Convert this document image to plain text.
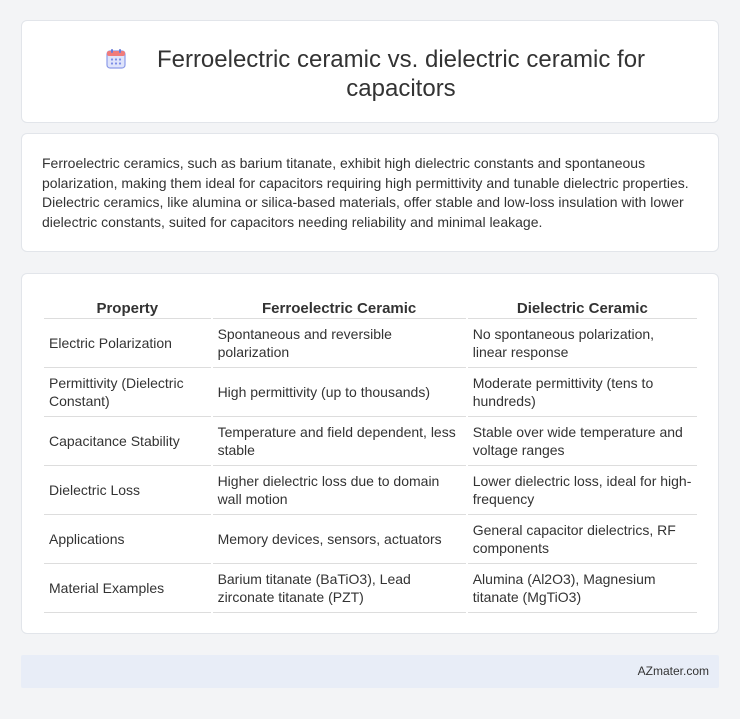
Ferroelectric ceramic vs. dielectric ceramic for capacitors

Ferroelectric ceramics, such as barium titanate, exhibit high dielectric constants and spontaneous polarization, making them ideal for capacitors requiring high permittivity and tunable dielectric properties. Dielectric ceramics, like alumina or silica-based materials, offer stable and low-loss insulation with lower dielectric constants, suited for capacitors needing reliability and minimal leakage.

Property	Ferroelectric Ceramic	Dielectric Ceramic
Electric Polarization	Spontaneous and reversible polarization	No spontaneous polarization, linear response
Permittivity (Dielectric Constant)	High permittivity (up to thousands)	Moderate permittivity (tens to hundreds)
Capacitance Stability	Temperature and field dependent, less stable	Stable over wide temperature and voltage ranges
Dielectric Loss	Higher dielectric loss due to domain wall motion	Lower dielectric loss, ideal for high-frequency
Applications	Memory devices, sensors, actuators	General capacitor dielectrics, RF components
Material Examples	Barium titanate (BaTiO3), Lead zirconate titanate (PZT)	Alumina (Al2O3), Magnesium titanate (MgTiO3)
AZmater.com
